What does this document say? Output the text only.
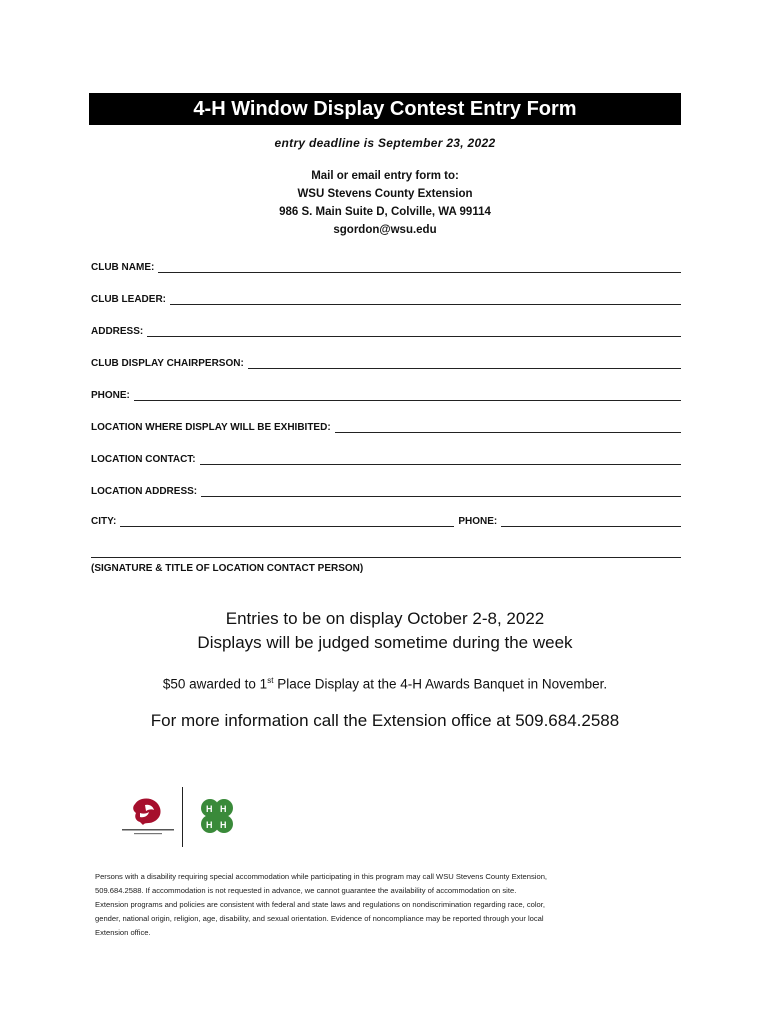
4-H Window Display Contest Entry Form
entry deadline is September 23, 2022
Mail or email entry form to:
WSU Stevens County Extension
986 S. Main Suite D, Colville, WA 99114
sgordon@wsu.edu
CLUB NAME:
CLUB LEADER:
ADDRESS:
CLUB DISPLAY CHAIRPERSON:
PHONE:
LOCATION WHERE DISPLAY WILL BE EXHIBITED:
LOCATION CONTACT:
LOCATION ADDRESS:
CITY:	PHONE:
(SIGNATURE & TITLE OF LOCATION CONTACT PERSON)
Entries to be on display October 2-8, 2022
Displays will be judged sometime during the week
$50 awarded to 1st Place Display at the 4-H Awards Banquet in November.
For more information call the Extension office at 509.684.2588
H H
H H
Persons with a disability requiring special accommodation while participating in this program may call WSU Stevens County Extension,
509.684.2588. If accommodation is not requested in advance, we cannot guarantee the availability of accommodation on site.
Extension programs and policies are consistent with federal and state laws and regulations on nondiscrimination regarding race, color,
gender, national origin, religion, age, disability, and sexual orientation. Evidence of noncompliance may be reported through your local
Extension office.
